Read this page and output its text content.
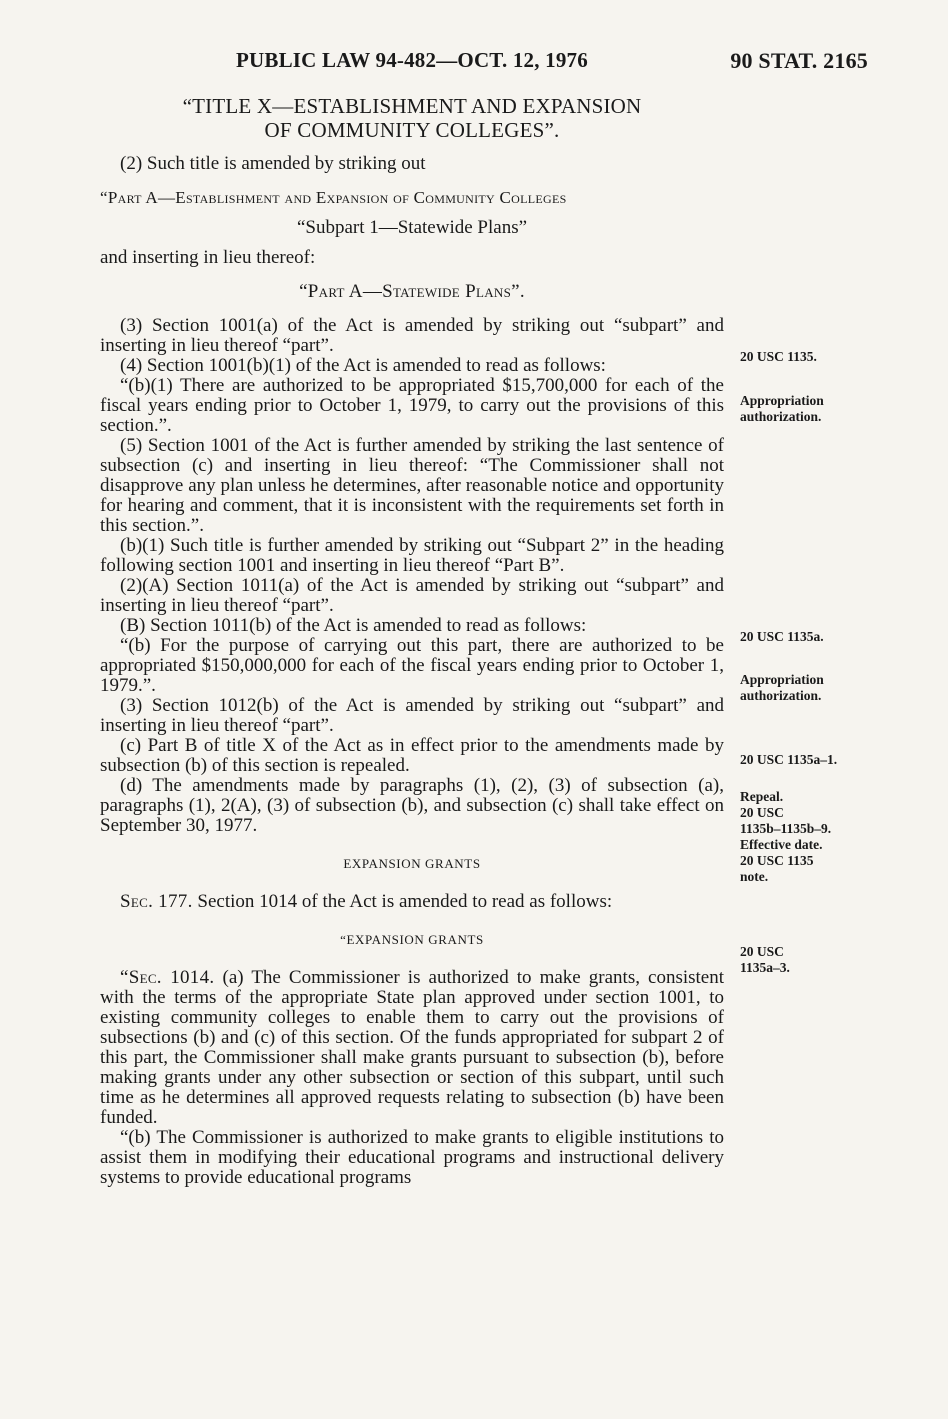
PUBLIC LAW 94-482—OCT. 12, 1976	90 STAT. 2165
“TITLE X—ESTABLISHMENT AND EXPANSION
OF COMMUNITY COLLEGES”.

(2) Such title is amended by striking out

“Part A—Establishment and Expansion of Community Colleges

“Subpart 1—Statewide Plans”

and inserting in lieu thereof:

“Part A—Statewide Plans”.

(3) Section 1001(a) of the Act is amended by striking out “subpart” and inserting in lieu thereof “part”.

(4) Section 1001(b)(1) of the Act is amended to read as follows:

“(b)(1) There are authorized to be appropriated $15,700,000 for each of the fiscal years ending prior to October 1, 1979, to carry out the provisions of this section.”.

(5) Section 1001 of the Act is further amended by striking the last sentence of subsection (c) and inserting in lieu thereof: “The Commissioner shall not disapprove any plan unless he determines, after reasonable notice and opportunity for hearing and comment, that it is inconsistent with the requirements set forth in this section.”.

(b)(1) Such title is further amended by striking out “Subpart 2” in the heading following section 1001 and inserting in lieu thereof “Part B”.

(2)(A) Section 1011(a) of the Act is amended by striking out “subpart” and inserting in lieu thereof “part”.

(B) Section 1011(b) of the Act is amended to read as follows:

“(b) For the purpose of carrying out this part, there are authorized to be appropriated $150,000,000 for each of the fiscal years ending prior to October 1, 1979.”.

(3) Section 1012(b) of the Act is amended by striking out “subpart” and inserting in lieu thereof “part”.

(c) Part B of title X of the Act as in effect prior to the amendments made by subsection (b) of this section is repealed.

(d) The amendments made by paragraphs (1), (2), (3) of subsection (a), paragraphs (1), 2(A), (3) of subsection (b), and subsection (c) shall take effect on September 30, 1977.

EXPANSION GRANTS

Sec. 177. Section 1014 of the Act is amended to read as follows:

“EXPANSION GRANTS

“Sec. 1014. (a) The Commissioner is authorized to make grants, consistent with the terms of the appropriate State plan approved under section 1001, to existing community colleges to enable them to carry out the provisions of subsections (b) and (c) of this section. Of the funds appropriated for subpart 2 of this part, the Commissioner shall make grants pursuant to subsection (b), before making grants under any other subsection or section of this subpart, until such time as he determines all approved requests relating to subsection (b) have been funded.

“(b) The Commissioner is authorized to make grants to eligible institutions to assist them in modifying their educational programs and instructional delivery systems to provide educational programs

20 USC 1135.
Appropriation
authorization.
20 USC 1135a.
Appropriation
authorization.
20 USC 1135a–1.
Repeal.
20 USC
1135b–1135b–9.
Effective date.
20 USC 1135
note.
20 USC
1135a–3.
